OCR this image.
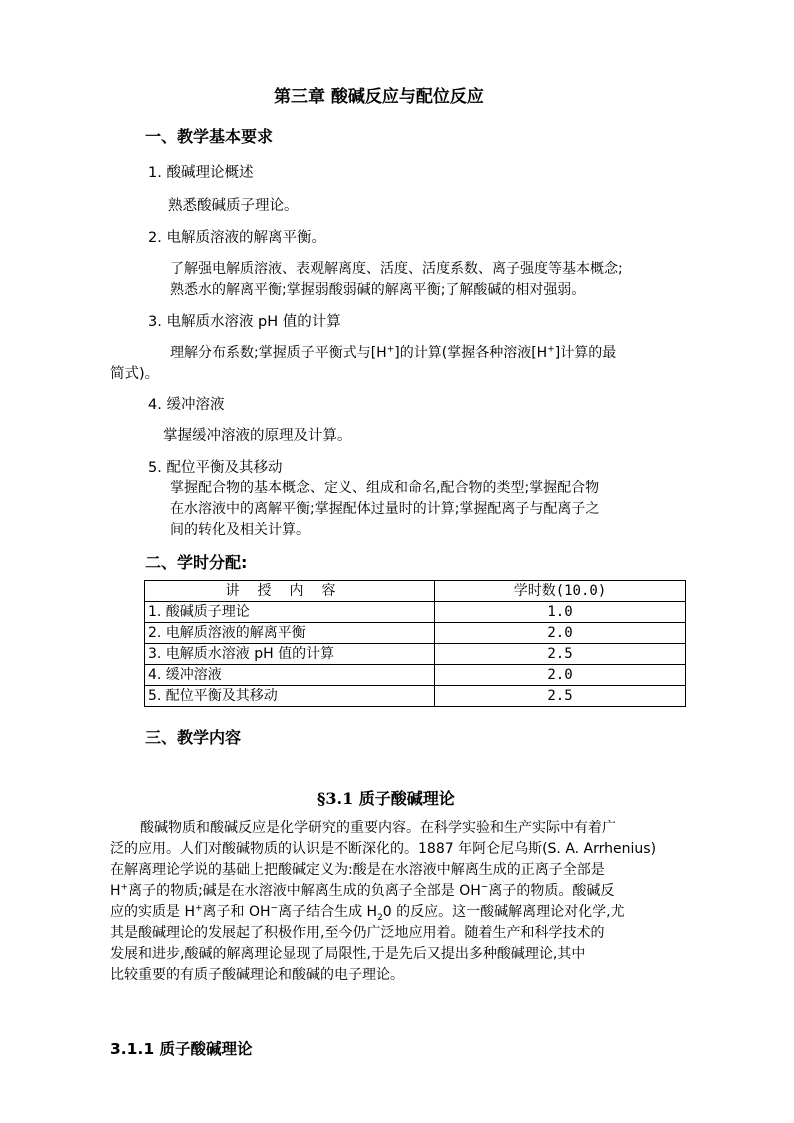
第三章 酸碱反应与配位反应
一、教学基本要求
1. 酸碱理论概述
熟悉酸碱质子理论。
2. 电解质溶液的解离平衡。
了解强电解质溶液、表观解离度、活度、活度系数、离子强度等基本概念;
熟悉水的解离平衡;掌握弱酸弱碱的解离平衡;了解酸碱的相对强弱。
3. 电解质水溶液 pH 值的计算
理解分布系数;掌握质子平衡式与[H+]的计算(掌握各种溶液[H+]计算的最
简式)。
4. 缓冲溶液
掌握缓冲溶液的原理及计算。
5. 配位平衡及其移动
掌握配合物的基本概念、定义、组成和命名,配合物的类型;掌握配合物
在水溶液中的离解平衡;掌握配体过量时的计算;掌握配离子与配离子之
间的转化及相关计算。
二、学时分配:
讲授内容	学时数(10.0)
1. 酸碱质子理论	1.0
2. 电解质溶液的解离平衡	2.0
3. 电解质水溶液 pH 值的计算	2.5
4. 缓冲溶液	2.0
5. 配位平衡及其移动	2.5
三、教学内容
§3.1 质子酸碱理论
酸碱物质和酸碱反应是化学研究的重要内容。在科学实验和生产实际中有着广
泛的应用。人们对酸碱物质的认识是不断深化的。1887 年阿仑尼乌斯(S. A. Arrhenius)
在解离理论学说的基础上把酸碱定义为:酸是在水溶液中解离生成的正离子全部是
H+离子的物质;碱是在水溶液中解离生成的负离子全部是 OH−离子的物质。酸碱反
应的实质是 H+离子和 OH−离子结合生成 $H_20$ 的反应。这一酸碱解离理论对化学,尤
其是酸碱理论的发展起了积极作用,至今仍广泛地应用着。随着生产和科学技术的
发展和进步,酸碱的解离理论显现了局限性,于是先后又提出多种酸碱理论,其中
比较重要的有质子酸碱理论和酸碱的电子理论。
3.1.1 质子酸碱理论
